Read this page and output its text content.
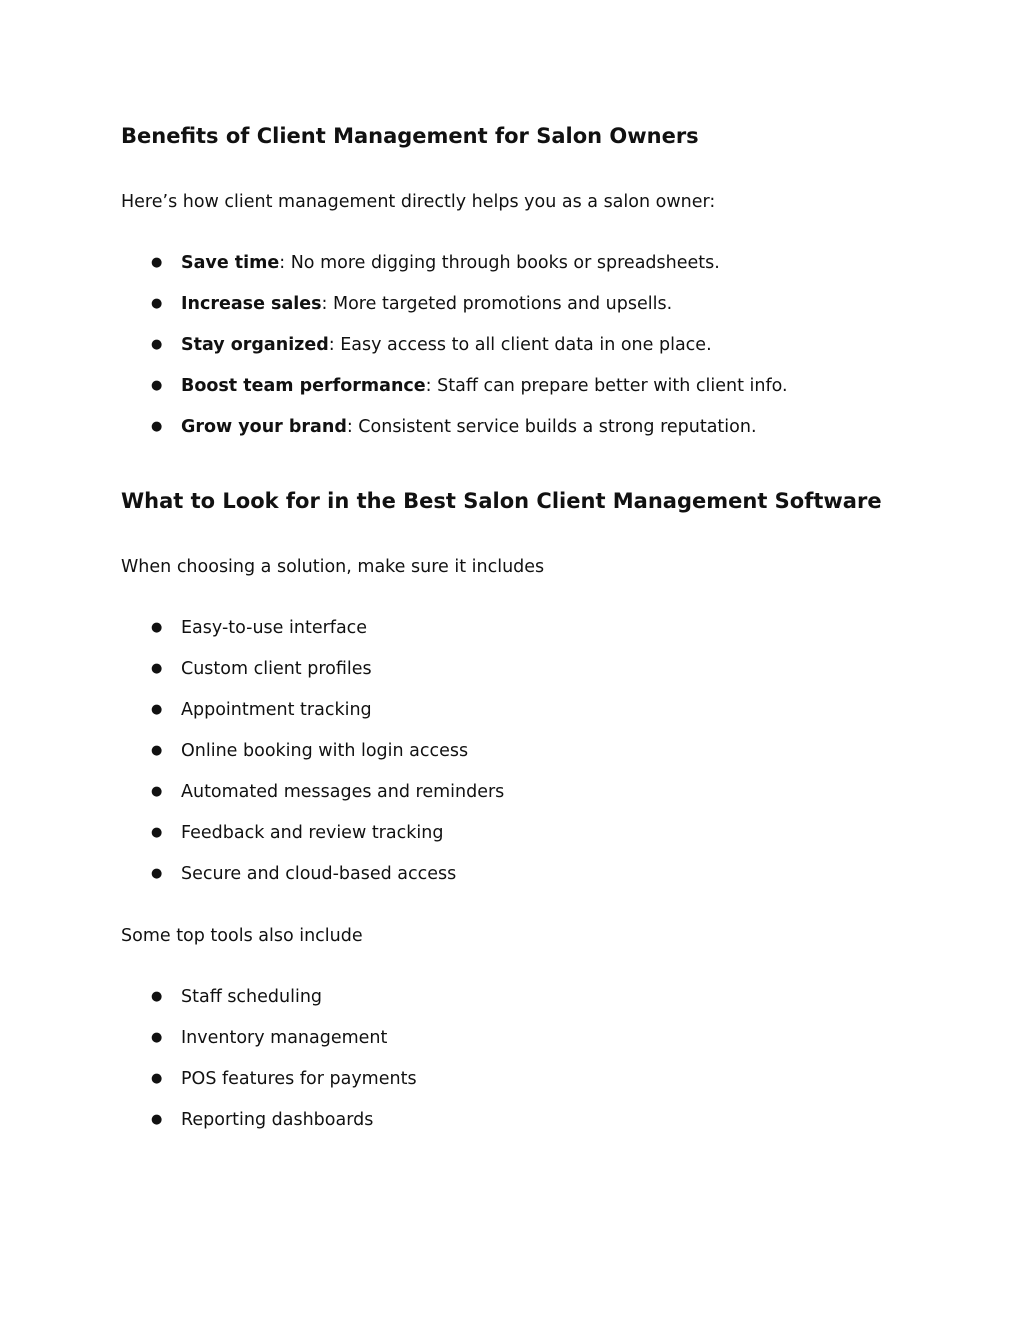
Benefits of Client Management for Salon Owners

Here’s how client management directly helps you as a salon owner:

● Save time: No more digging through books or spreadsheets.
● Increase sales: More targeted promotions and upsells.
● Stay organized: Easy access to all client data in one place.
● Boost team performance: Staff can prepare better with client info.
● Grow your brand: Consistent service builds a strong reputation.
What to Look for in the Best Salon Client Management Software

When choosing a solution, make sure it includes

● Easy-to-use interface
● Custom client profiles
● Appointment tracking
● Online booking with login access
● Automated messages and reminders
● Feedback and review tracking
● Secure and cloud-based access

Some top tools also include

● Staff scheduling
● Inventory management
● POS features for payments
● Reporting dashboards
